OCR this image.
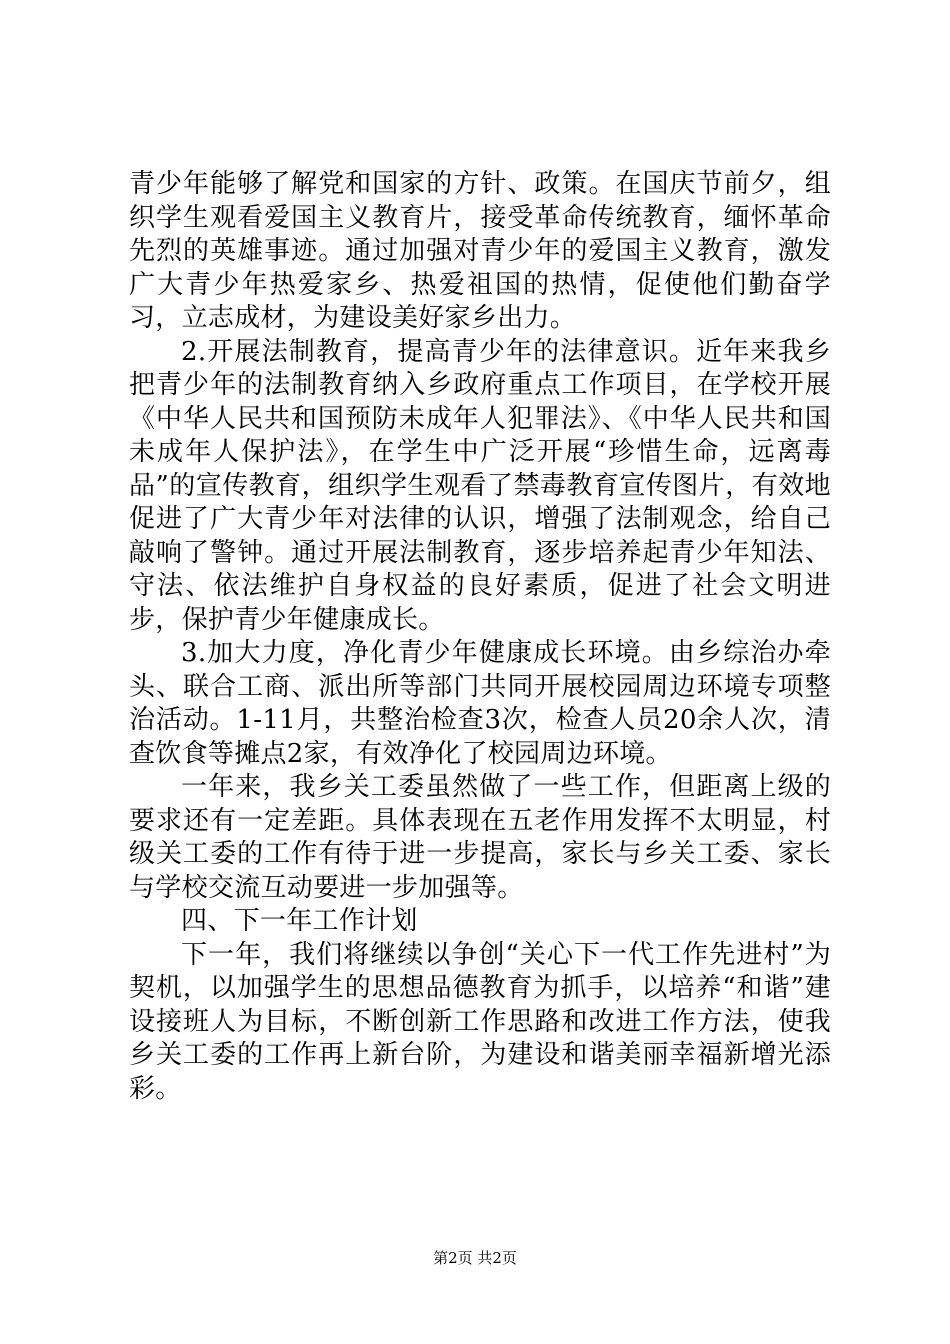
青少年能够了解党和国家的方针、政策。在国庆节前夕，组织学生观看爱国主义教育片，接受革命传统教育，缅怀革命先烈的英雄事迹。通过加强对青少年的爱国主义教育，激发广大青少年热爱家乡、热爱祖国的热情，促使他们勤奋学习，立志成材，为建设美好家乡出力。

2.开展法制教育，提高青少年的法律意识。近年来我乡把青少年的法制教育纳入乡政府重点工作项目，在学校开展《中华人民共和国预防未成年人犯罪法》、《中华人民共和国未成年人保护法》，在学生中广泛开展“珍惜生命，远离毒品”的宣传教育，组织学生观看了禁毒教育宣传图片，有效地促进了广大青少年对法律的认识，增强了法制观念，给自己敲响了警钟。通过开展法制教育，逐步培养起青少年知法、守法、依法维护自身权益的良好素质，促进了社会文明进步，保护青少年健康成长。

3.加大力度，净化青少年健康成长环境。由乡综治办牵头、联合工商、派出所等部门共同开展校园周边环境专项整治活动。1-11月，共整治检查3次，检查人员20余人次，清查饮食等摊点2家，有效净化了校园周边环境。

一年来，我乡关工委虽然做了一些工作，但距离上级的要求还有一定差距。具体表现在五老作用发挥不太明显，村级关工委的工作有待于进一步提高，家长与乡关工委、家长与学校交流互动要进一步加强等。

四、下一年工作计划

下一年，我们将继续以争创“关心下一代工作先进村”为契机，以加强学生的思想品德教育为抓手，以培养“和谐”建设接班人为目标，不断创新工作思路和改进工作方法，使我乡关工委的工作再上新台阶，为建设和谐美丽幸福新增光添彩。

第2页 共2页
